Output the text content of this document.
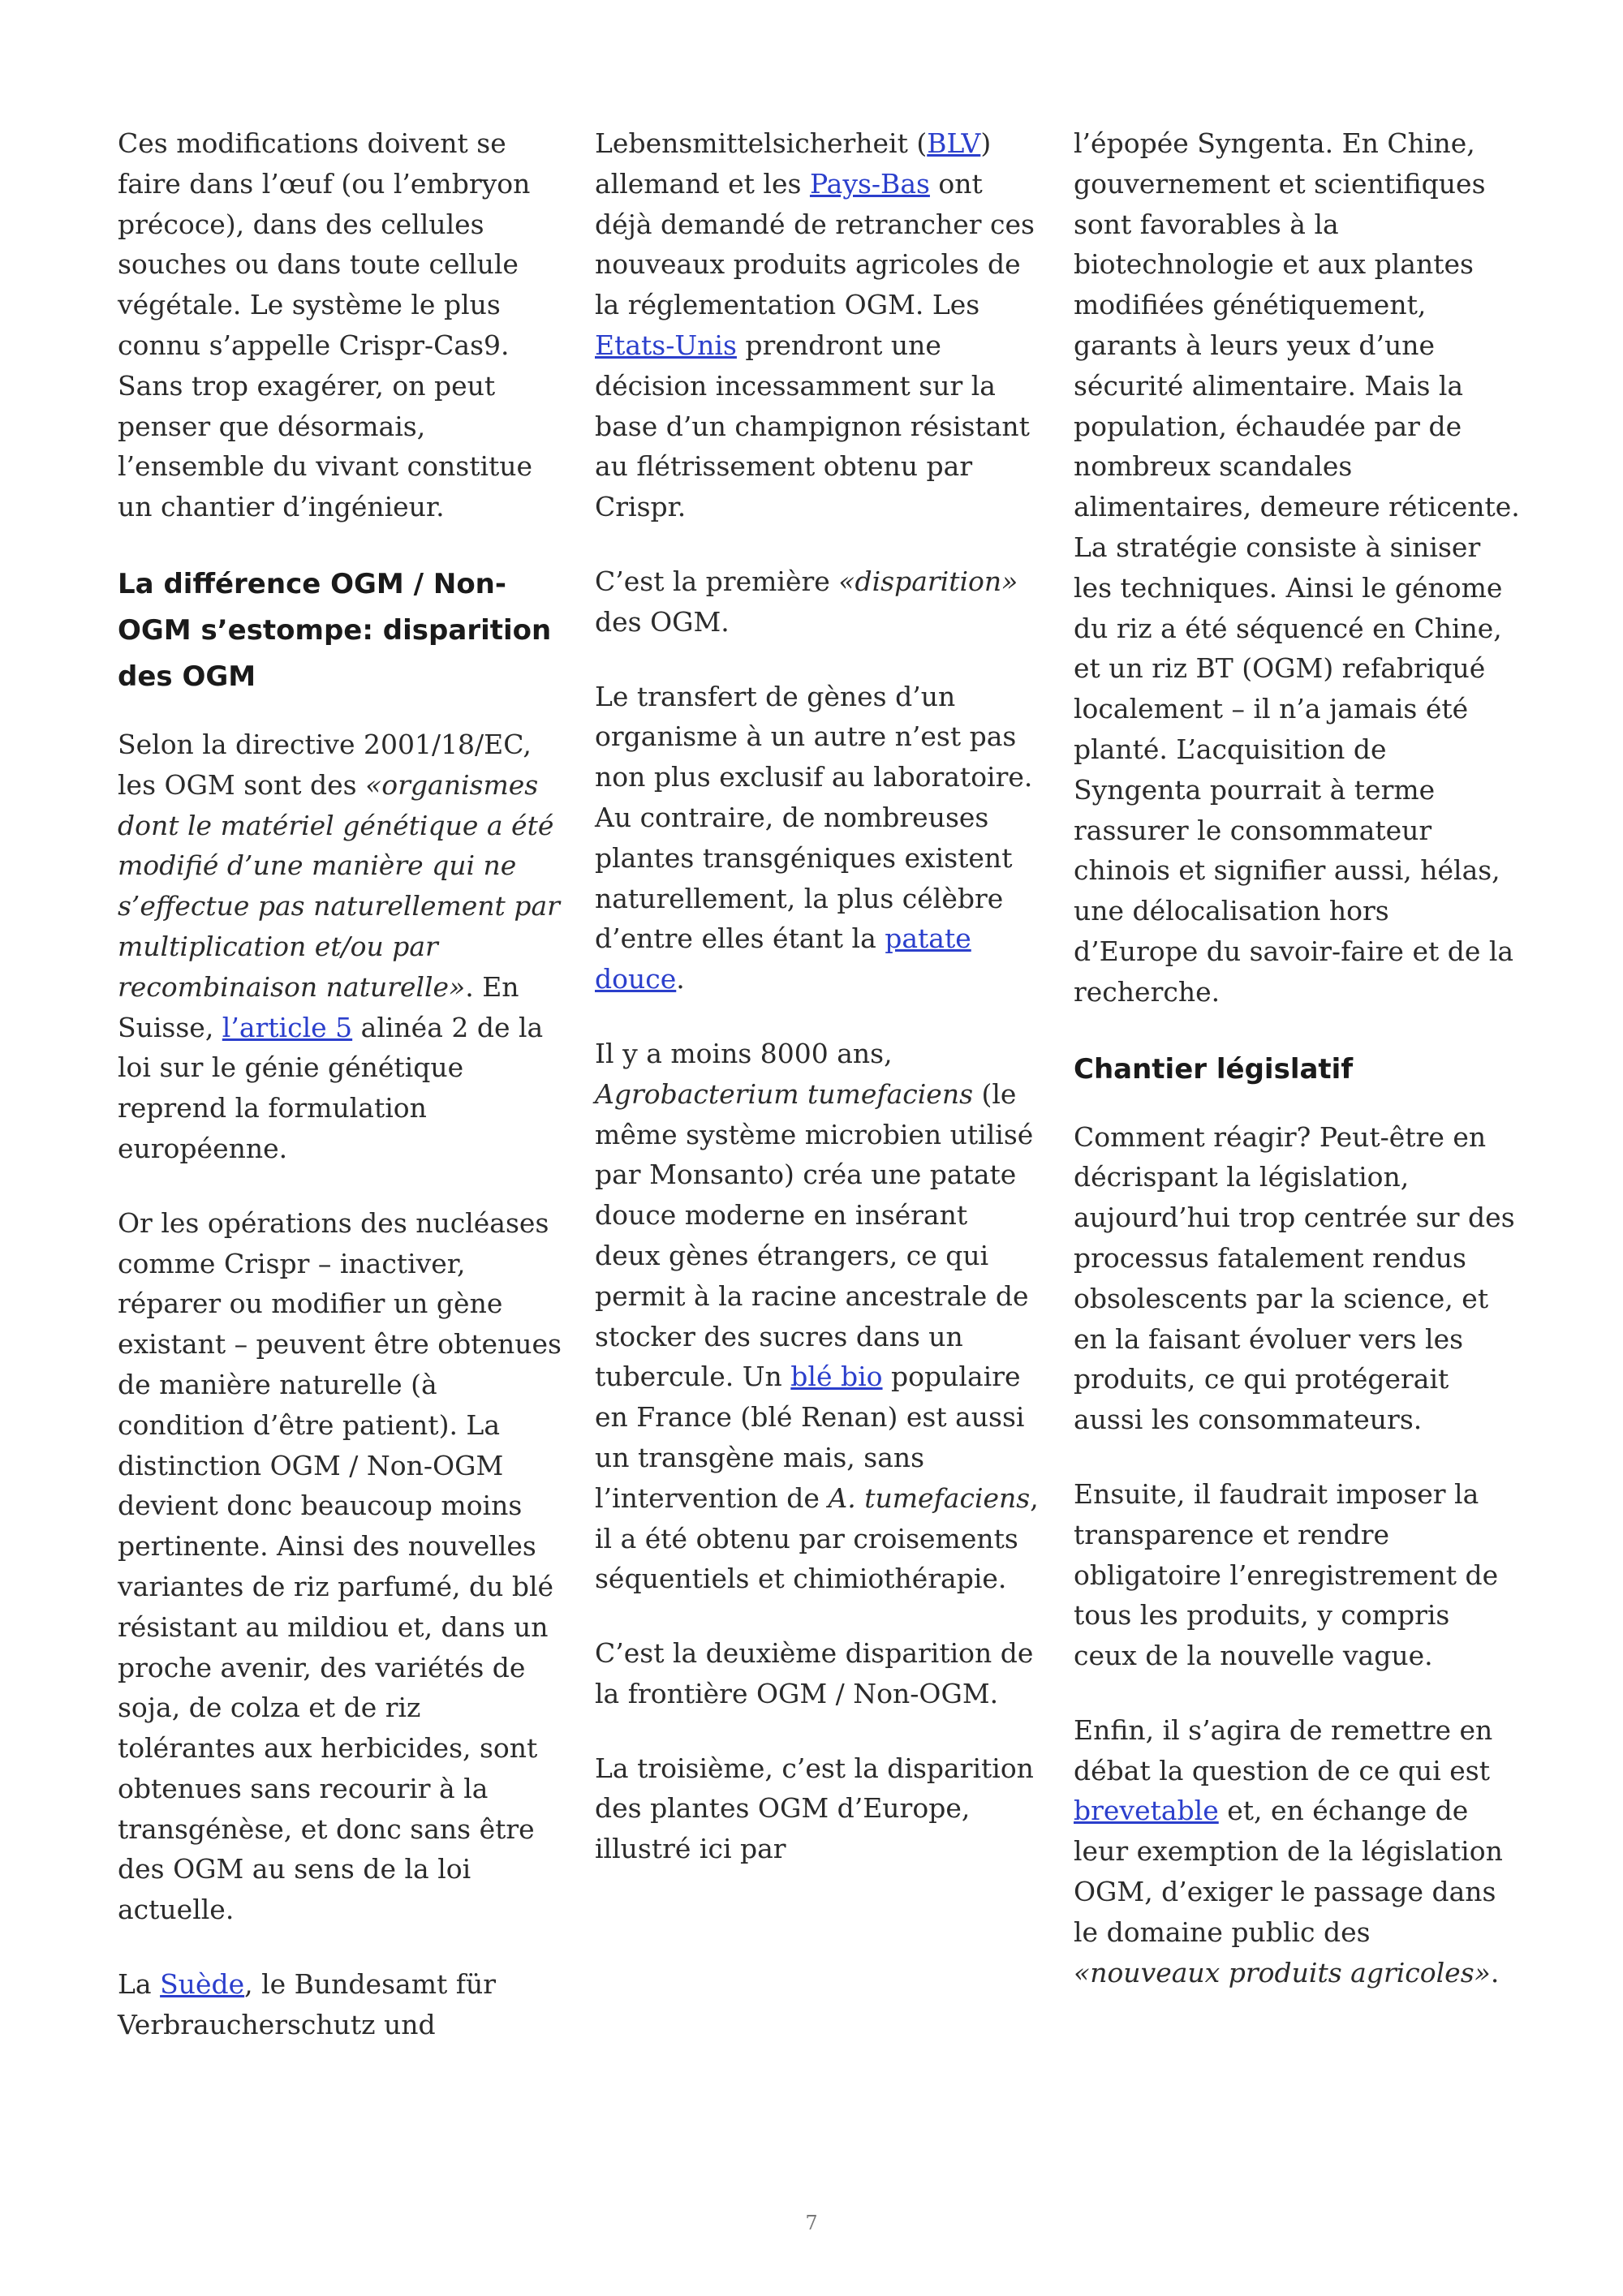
Ces modifications doivent se faire dans l’œuf (ou l’embryon précoce), dans des cellules souches ou dans toute cellule végétale. Le système le plus connu s’appelle Crispr-Cas9. Sans trop exagérer, on peut penser que désormais, l’ensemble du vivant constitue un chantier d’ingénieur.

La différence OGM / Non-OGM s’estompe: disparition des OGM

Selon la directive 2001/18/EC, les OGM sont des «organismes dont le matériel génétique a été modifié d’une manière qui ne s’effectue pas naturellement par multiplication et/ou par recombinaison naturelle». En Suisse, l’article 5 alinéa 2 de la loi sur le génie génétique reprend la formulation européenne.

Or les opérations des nucléases comme Crispr – inactiver, réparer ou modifier un gène existant – peuvent être obtenues de manière naturelle (à condition d’être patient). La distinction OGM / Non-OGM devient donc beaucoup moins pertinente. Ainsi des nouvelles variantes de riz parfumé, du blé résistant au mildiou et, dans un proche avenir, des variétés de soja, de colza et de riz tolérantes aux herbicides, sont obtenues sans recourir à la transgénèse, et donc sans être des OGM au sens de la loi actuelle.

La Suède, le Bundesamt für Verbraucherschutz und

Lebensmittelsicherheit (BLV) allemand et les Pays-Bas ont déjà demandé de retrancher ces nouveaux produits agricoles de la réglementation OGM. Les Etats-Unis prendront une décision incessamment sur la base d’un champignon résistant au flétrissement obtenu par Crispr.

C’est la première «disparition» des OGM.

Le transfert de gènes d’un organisme à un autre n’est pas non plus exclusif au laboratoire. Au contraire, de nombreuses plantes transgéniques existent naturellement, la plus célèbre d’entre elles étant la patate douce.

Il y a moins 8000 ans, Agrobacterium tumefaciens (le même système microbien utilisé par Monsanto) créa une patate douce moderne en insérant deux gènes étrangers, ce qui permit à la racine ancestrale de stocker des sucres dans un tubercule. Un blé bio populaire en France (blé Renan) est aussi un transgène mais, sans l’intervention de A. tumefaciens, il a été obtenu par croisements séquentiels et chimiothérapie.

C’est la deuxième disparition de la frontière OGM / Non-OGM.

La troisième, c’est la disparition des plantes OGM d’Europe, illustré ici par

l’épopée Syngenta. En Chine, gouvernement et scientifiques sont favorables à la biotechnologie et aux plantes modifiées génétiquement, garants à leurs yeux d’une sécurité alimentaire. Mais la population, échaudée par de nombreux scandales alimentaires, demeure réticente. La stratégie consiste à siniser les techniques. Ainsi le génome du riz a été séquencé en Chine, et un riz BT (OGM) refabriqué localement – il n’a jamais été planté. L’acquisition de Syngenta pourrait à terme rassurer le consommateur chinois et signifier aussi, hélas, une délocalisation hors d’Europe du savoir-faire et de la recherche.

Chantier législatif

Comment réagir? Peut-être en décrispant la législation, aujourd’hui trop centrée sur des processus fatalement rendus obsolescents par la science, et en la faisant évoluer vers les produits, ce qui protégerait aussi les consommateurs.

Ensuite, il faudrait imposer la transparence et rendre obligatoire l’enregistrement de tous les produits, y compris ceux de la nouvelle vague.

Enfin, il s’agira de remettre en débat la question de ce qui est brevetable et, en échange de leur exemption de la législation OGM, d’exiger le passage dans le domaine public des «nouveaux produits agricoles».

7
